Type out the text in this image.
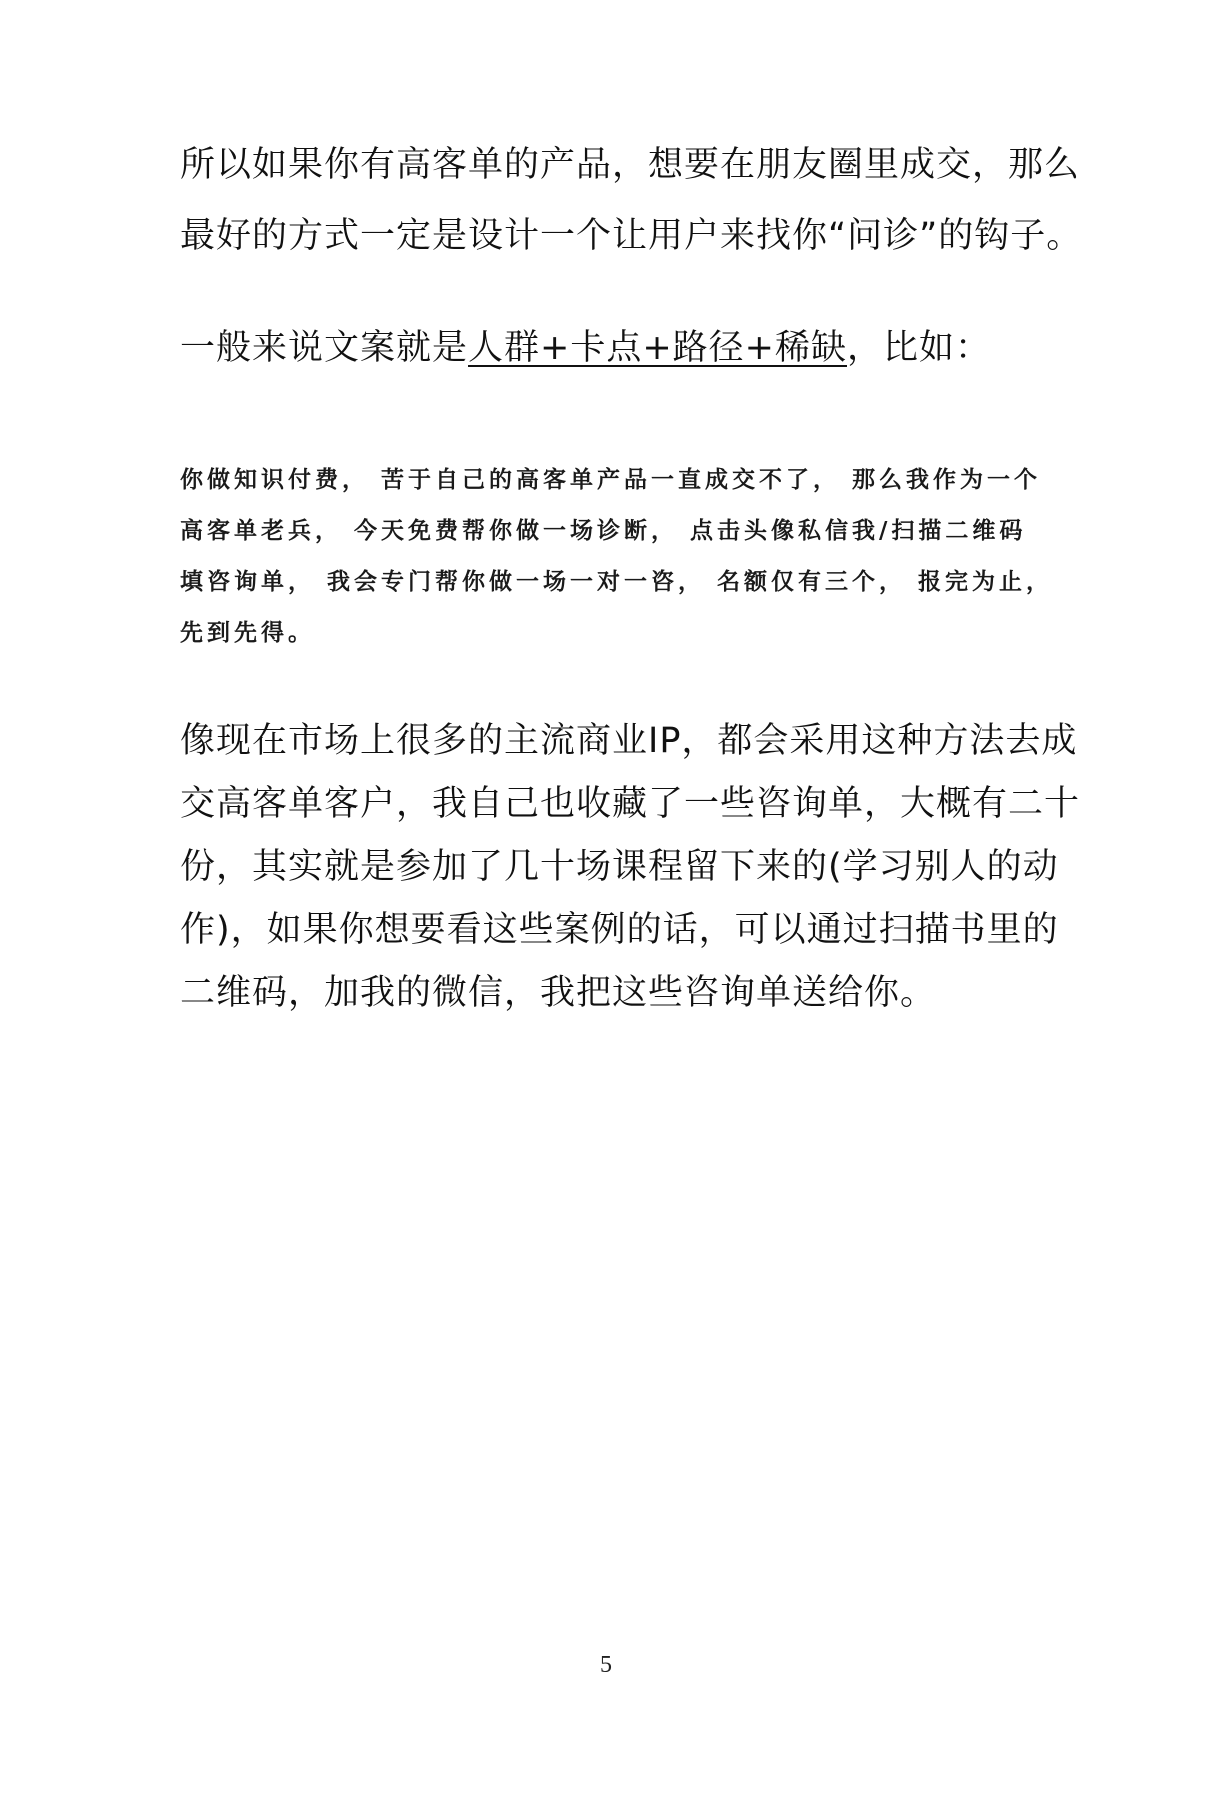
所以如果你有高客单的产品，想要在朋友圈里成交，那么
最好的方式一定是设计一个让用户来找你“问诊”的钩子。

一般来说文案就是人群+卡点+路径+稀缺，比如：

你做知识付费， 苦于自己的高客单产品一直成交不了， 那么我作为一个
高客单老兵， 今天免费帮你做一场诊断， 点击头像私信我/扫描二维码
填咨询单， 我会专门帮你做一场一对一咨， 名额仅有三个， 报完为止，
先到先得。

像现在市场上很多的主流商业IP，都会采用这种方法去成
交高客单客户，我自己也收藏了一些咨询单，大概有二十
份，其实就是参加了几十场课程留下来的(学习别人的动
作)，如果你想要看这些案例的话，可以通过扫描书里的
二维码，加我的微信，我把这些咨询单送给你。

5
